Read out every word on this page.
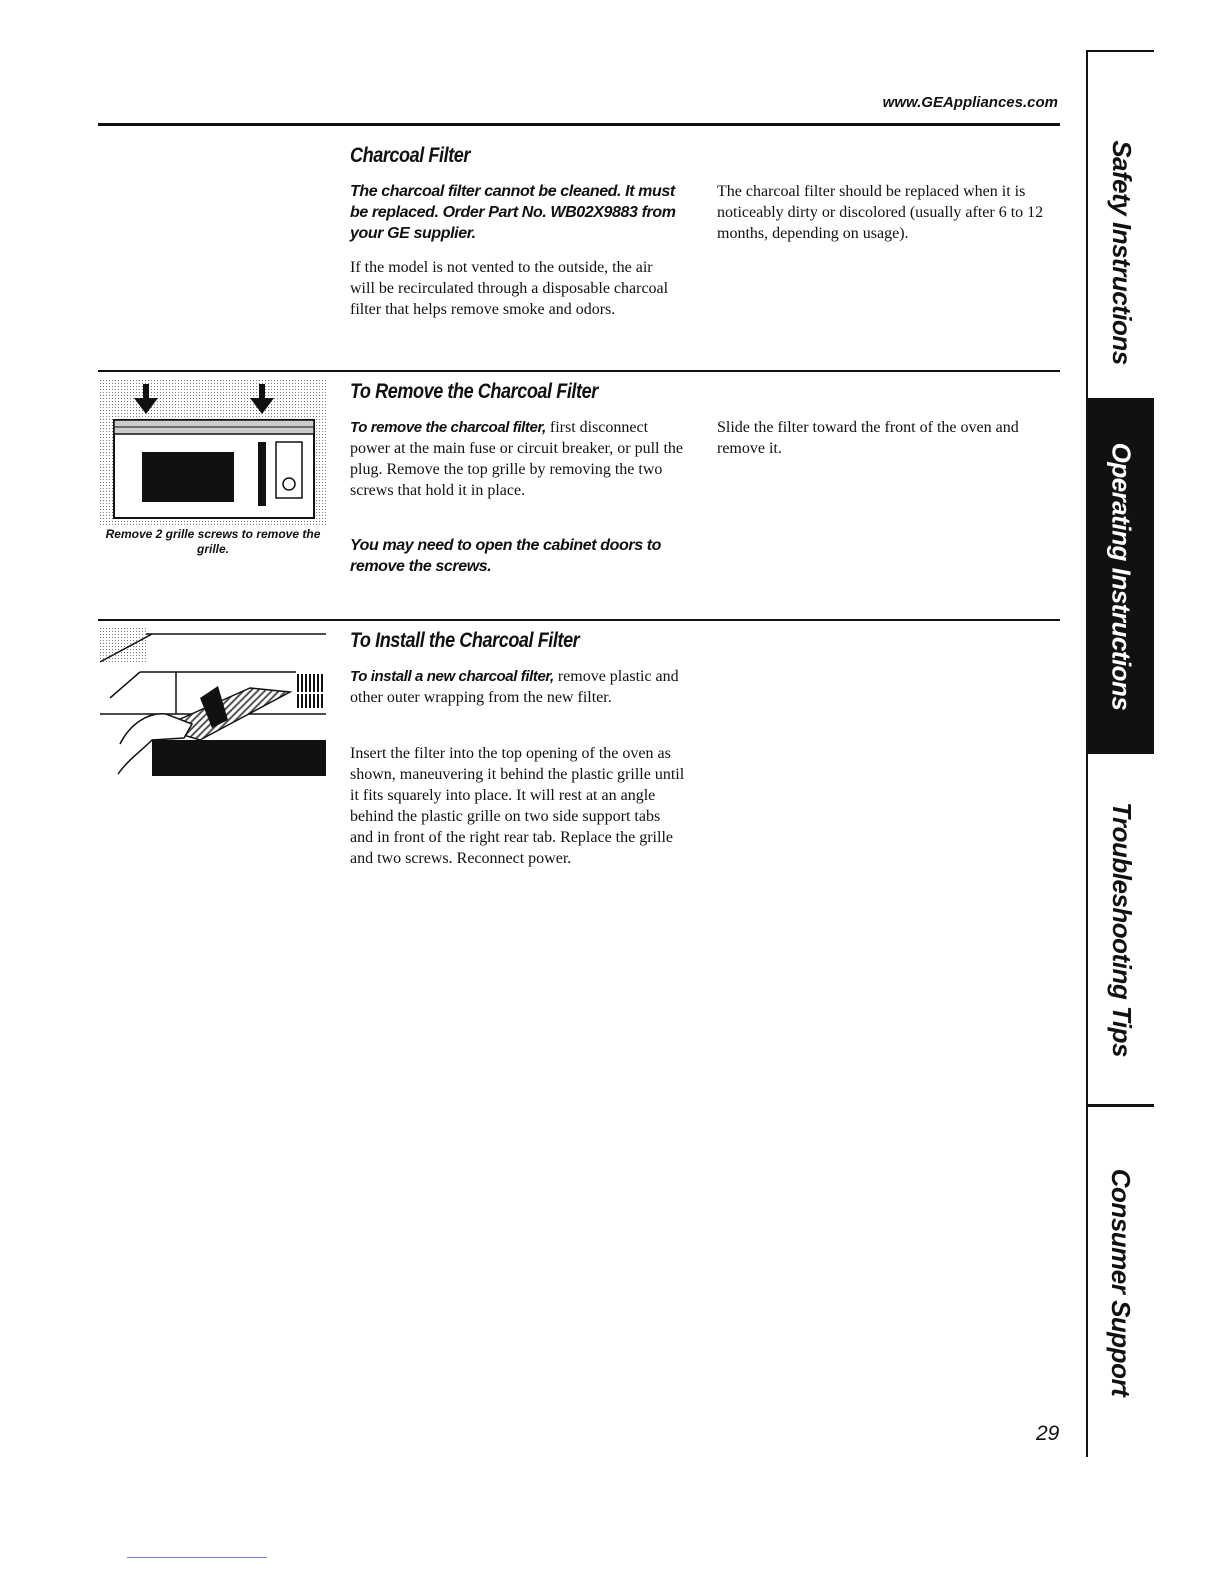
www.GEAppliances.com
Charcoal Filter
The charcoal filter cannot be cleaned. It must be replaced. Order Part No. WB02X9883 from your GE supplier.
If the model is not vented to the outside, the air will be recirculated through a disposable charcoal filter that helps remove smoke and odors.
The charcoal filter should be replaced when it is noticeably dirty or discolored (usually after 6 to 12 months, depending on usage).
Remove 2 grille screws to remove the grille.
To Remove the Charcoal Filter
To remove the charcoal filter, first disconnect power at the main fuse or circuit breaker, or pull the plug. Remove the top grille by removing the two screws that hold it in place.
You may need to open the cabinet doors to remove the screws.
Slide the filter toward the front of the oven and remove it.
To Install the Charcoal Filter
To install a new charcoal filter, remove plastic and other outer wrapping from the new filter.
Insert the filter into the top opening of the oven as shown, maneuvering it behind the plastic grille until it fits squarely into place. It will rest at an angle behind the plastic grille on two side support tabs and in front of the right rear tab. Replace the grille and two screws. Reconnect power.
29
Safety Instructions
Operating Instructions
Troubleshooting Tips
Consumer Support
